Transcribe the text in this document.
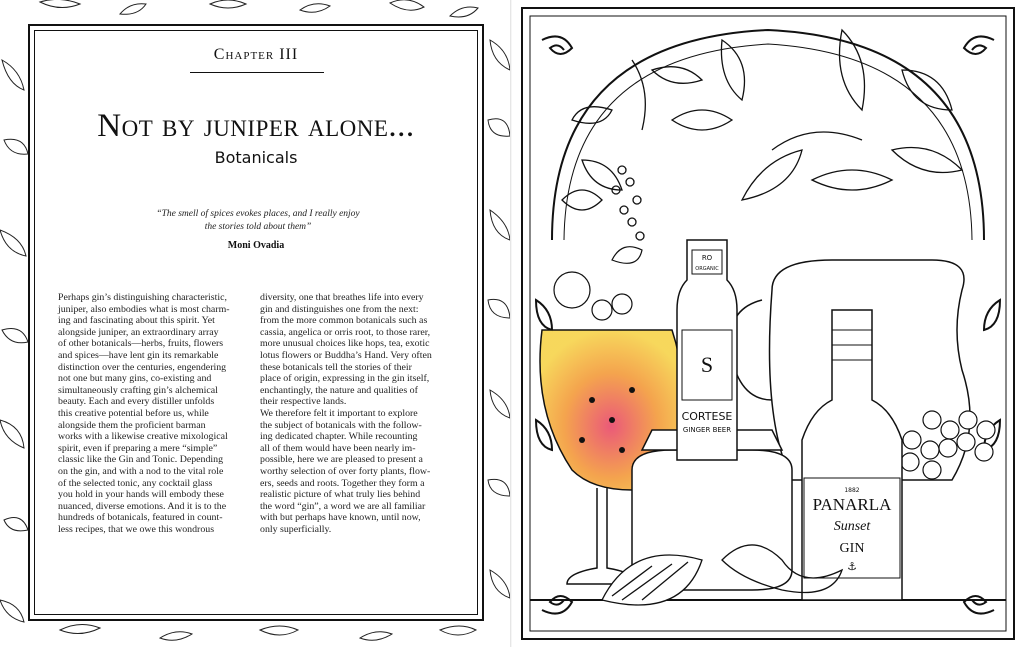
Chapter III
Not by juniper alone...
Botanicals
“The smell of spices evokes places, and I really enjoy
the stories told about them”
Moni Ovadia

Perhaps gin’s distinguishing characteristic,

juniper, also embodies what is most charm-

ing and fascinating about this spirit. Yet

alongside juniper, an extraordinary array

of other botanicals—herbs, fruits, flowers

and spices—have lent gin its remarkable

distinction over the centuries, engendering

not one but many gins, co-existing and

simultaneously crafting gin’s alchemical

beauty. Each and every distiller unfolds

this creative potential before us, while

alongside them the proficient barman

works with a likewise creative mixological

spirit, even if preparing a mere “simple”

classic like the Gin and Tonic. Depending

on the gin, and with a nod to the vital role

of the selected tonic, any cocktail glass

you hold in your hands will embody these

nuanced, diverse emotions. And it is to the

hundreds of botanicals, featured in count-

less recipes, that we owe this wondrous

diversity, one that breathes life into every

gin and distinguishes one from the next:

from the more common botanicals such as

cassia, angelica or orris root, to those rarer,

more unusual choices like hops, tea, exotic

lotus flowers or Buddha’s Hand. Very often

these botanicals tell the stories of their

place of origin, expressing in the gin itself,

enchantingly, the nature and qualities of

their respective lands.

We therefore felt it important to explore

the subject of botanicals with the follow-

ing dedicated chapter. While recounting

all of them would have been nearly im-

possible, here we are pleased to present a

worthy selection of over forty plants, flow-

ers, seeds and roots. Together they form a

realistic picture of what truly lies behind

the word “gin”, a word we are all familiar

with but perhaps have known, until now,

only superficially.

RO
ORGANIC
S
CORTESE
GINGER BEER
1882
PANARLA
Sunset
GIN
⚓
